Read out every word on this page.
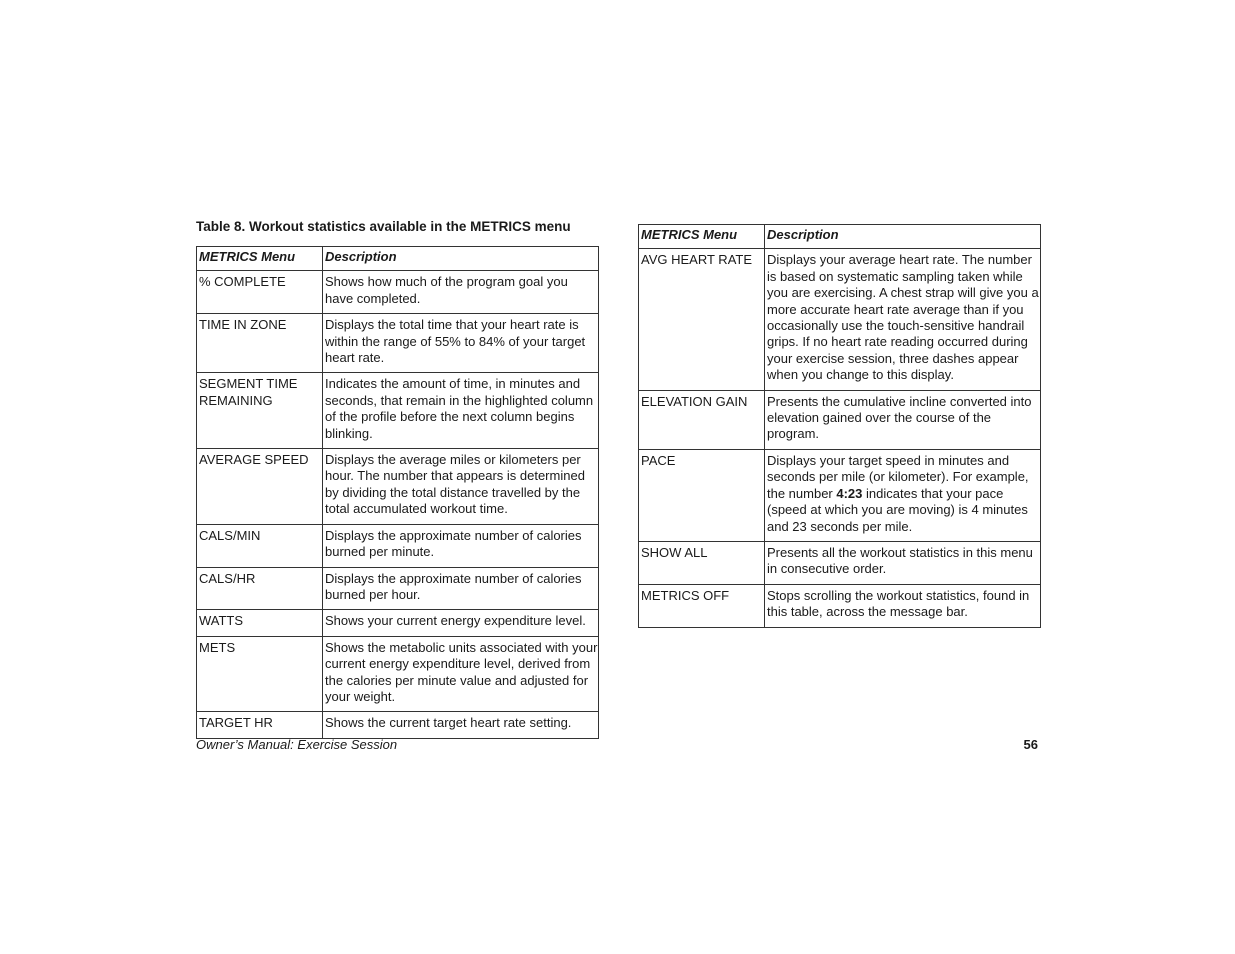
Table 8. Workout statistics available in the METRICS menu
METRICS Menu	Description
% COMPLETE	Shows how much of the program goal you have completed.
TIME IN ZONE	Displays the total time that your heart rate is within the range of 55% to 84% of your target heart rate.
SEGMENT TIME REMAINING	Indicates the amount of time, in minutes and seconds, that remain in the highlighted column of the profile before the next column begins blinking.
AVERAGE SPEED	Displays the average miles or kilometers per hour. The number that appears is determined by dividing the total distance travelled by the total accumulated workout time.
CALS/MIN	Displays the approximate number of calories burned per minute.
CALS/HR	Displays the approximate number of calories burned per hour.
WATTS	Shows your current energy expenditure level.
METS	Shows the metabolic units associated with your current energy expenditure level, derived from the calories per minute value and adjusted for your weight.
TARGET HR	Shows the current target heart rate setting.
METRICS Menu	Description
AVG HEART RATE	Displays your average heart rate. The number is based on systematic sampling taken while you are exercising. A chest strap will give you a more accurate heart rate average than if you occasionally use the touch-sensitive handrail grips. If no heart rate reading occurred during your exercise session, three dashes appear when you change to this display.
ELEVATION GAIN	Presents the cumulative incline converted into elevation gained over the course of the program.
PACE	Displays your target speed in minutes and seconds per mile (or kilometer). For example, the number 4:23 indicates that your pace (speed at which you are moving) is 4 minutes and 23 seconds per mile.
SHOW ALL	Presents all the workout statistics in this menu in consecutive order.
METRICS OFF	Stops scrolling the workout statistics, found in this table, across the message bar.
Owner’s Manual: Exercise Session	56
